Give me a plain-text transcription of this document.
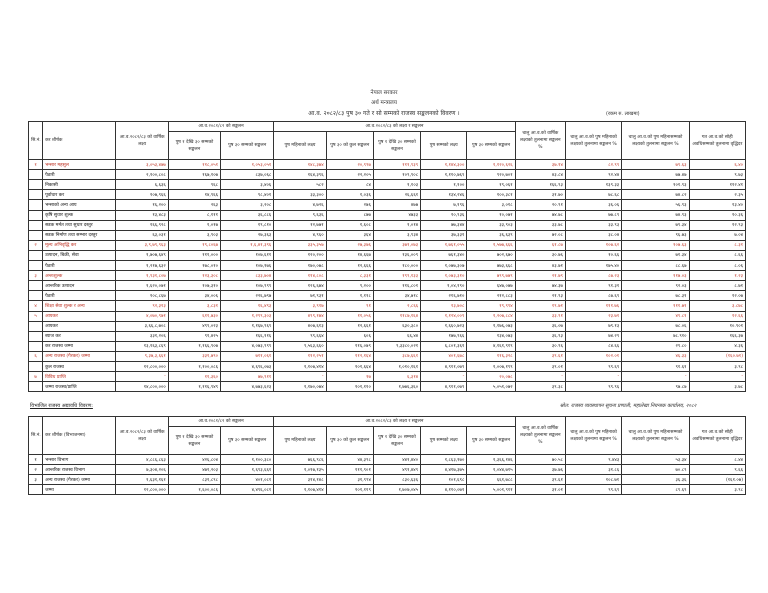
नेपाल सरकार
अर्थ मन्त्रालय
आ.व. २०८२/८३ पुष ३० गते र सो सम्मको राजस्व सङ्कलनको विवरण ।	(रकम रु. लाखमा)
सि.नं.	कर शीर्षक	आ.व.२०८२/८३ को वार्षिक लक्ष्य	आ.व.२०८१/८२ को सङ्कलन		आ.व.२०८२/८३ को लक्ष्य र सङ्कलन					चालु आ.व.को वार्षिक लक्ष्यको तुलनामा सङ्कलन %	चालु आ.व.को पुष महिनाको लक्ष्यको तुलनामा सङ्कलन %	चालु आ.व.को पुष महिनासम्मको लक्ष्यको तुलनामा सङ्कलन %	गत आ.व.को सोही अवधिसम्मको तुलनामा वृद्धिदर
			पुष १ देखि ३० सम्मको सङ्कलन	पुष ३० सम्मको सङ्कलन	पुष महिनाको लक्ष्य	पुष ३० को कुल सङ्कलन	पुष १ देखि ३० सम्मको सङ्कलन	पुष सम्मको लक्ष्य	पुष ३० सम्मको सङ्कलन				
१	भन्सार महसुल	३,०५३,४७७	११८,०५१	१,०५३,०५१	१४८,३७४	२०,९९७	१११,९३९	१,१४४,३००	१,१२०,६२६	३७.१४	८२.९९	७९.६३	६.४०
	पैठारी	२,१००,८०८	१६७,१०७	८३७,०६८	१६४,३९६	२२,२०५	१०९,९०८	१,११०,७६९	९२०,७०१	४३.८४	९२.४४	७७.४७	९.७३
	निकासी	६,६३६	९६८	३,४०६	५८२	८४	१,१०३	१,१००	१९,०६१	१६६.९३	१३९.३३	१०१.९३	११२.४१
	पूर्वाधार कर	१०७,९६६	१४,९६६	९८,४०१	३३,३००	१,०३६	२६,६६१	१३४,२४६	१००,३८१	३१.७०	७८.६८	७४.८२	२.३५
	भन्साको अन्य आय	१६,२००	२६३	३,२०८	४,७२६	२७६	४७७	७,१९६	३,०१८	२०.९१	३६.०६	५६.९३	१३.४०
	कृषि सुधार शुल्क	१३,४८३	८,१११	३६,८८६	९,६३६	८७७	४७३३	१०,९३६	१०,०७१	७४.७८	७७.८९	७४.९३	१०.३६
	सडक मर्मत तथा सुधार दस्तुर	१६६,९२८	१,०१७	१९,८१०	१२,७७१	१,६०८	१,०१४	७७,३४४	३३,९०३	३३.७८	३३.९३	७९.३४	१२.९३
	सडक निर्माण तथा सम्भार दस्तुर	६३,०३१	३,९०३	२७,३६३	४,९६०	३६४	३,९३४	३७,३३१	३६,६३९	७२.०८	३८.०४	९६.७३	७.०४
२	मूल्य अभिवृद्धि कर	३,९,७९,९६३	१९,८०६७	१,६,४१,३९६	३३५,३५७	२७,३७६	३७१,०७३	१,७६१,०५५	१,५७७,६६६	६१.८७	१०७.६२	१०७.६३	८.३१
	उत्पादन, बिक्री, सेवा	१,७०७,६४९	१११,०००	१०७,६११	१२०,२००	१४,६६७	१३६,००९	७६१,३४०	७०२,६७०	३०.७६	१०.६६	७१.३४	८.६६
	पैठारी	१,२१७,६३२	१७८,०१०	१०७,१७६	१७०,०७८	१२,६६६	१८०,०००	१,०७७,३०७	७७३,६६८	४३.७१	१७५.४०	८८.६७	८.०६
३	अन्तःशुल्क	१,९३१,८०७	१२३,३०८	८३३,७०४	११४,८०८	८,३३१	१९९,१३३	१,०७३,३१०	७९९,७७९	२१.७९	८७.२३	११७.०३	१.२३
	आन्तरिक उत्पादन	१,६२०,०७१	१०७,३१०	१०७,९९९	१२६,६७४	९,२००	११६,८०१	१,०४,१९०	६४७,०७७	७४.३७	९१.३१	९२.०३	८.७१
	पैठारी	१०८,८६७	३४,००६	२२६,७९७	७१,९३१	१,११८	३४,७१८	२१६,७१०	२१२,८८३	२१.९३	८७.६९	७८.३१	१२.०७
४	शिक्षा सेवा शुल्क र अन्य	९२,३१३	३,८३१	१६,४९३	३,९१७	९१	२,८६६	१३,७०८	१९,९९४	१९.७१	१११.७६	१११.७१	३.८७८
५	आयकर	४,०७०,९७१	६११,७३०	१,२९९,३०३	४९९,१७४	११,०५६	११८७,१६४	१,१२४,००९	१,२०७,८८४	३३.९१	२३.७१	४९.८१	१२.६६
	आयकर	३,६६,८,७०८	४९९,०२३	१,१६७,९६९	४०७,६१३	१२,६६१	६३०,३८०	१,६६०,७२३	१,१७६,०७३	३६.०७	७९.१३	७८.०६	१०.९०१
	ब्याज कर	३३१,२०६	९१,४२५	१६६,११६	९९,६६४	६०६	६६,४४	१७७,९६६	१३४,०७३	३६.९३	७४.२९	७८.९१०	१६६.३७
	कर राजस्व जम्मा	१३,१६३,८६९	१,१६६,९०७	४,०७३,९९९	९,५६३,६६०	११६,०७९	९,३३८०,०२१	६,८०१,३६१	४,१६१,९१९	३०.९६	८४.६६	२९.८०	४.३६
६	अन्य राजस्व (गैरकर) जम्मा	९,३७,३,६६१	३३१,७९०	७११,०६१	११२,२५१	११२,१६४	३८७,६६१	४०१,६७८	११६,३२८	३९.६१	१०२.०१	४६.३३	(१६०.७१)
	कुल राजस्व	१२,८००,०००	१,१००,०८६	४,६९६,०७३	१,१०७,४१४	१०१,६६४	१,०१०,१६१	४,९११,०७९	१,००७,१९९	३९.०१	९९.६९	९१.६१	३.९८
७	विविध प्राप्ति	-	११,३६०	७७,९११	-	१७	६,३१४	-	२०,०७८	-	-	-	-
	जम्मा राजस्व/प्राप्ति	१४,८००,०००	१,११६,९४९	४,७७३,६२३	१,१७०,०७४	१०१,११०	१,७७६,३६०	४,९११,०७९	५,०५१,०७२	३९.३८	९९.९६	९७.८७	३.७८
विभाजित राजस्व अद्यावधि विवरण:	स्रोत: राजस्व व्यवस्थापन सूचना प्रणाली, महालेखा नियन्त्रक कार्यालय, २०८२
सि.नं.	कर शीर्षक (विभाजनमा)	आ.व.२०८२/८३ को वार्षिक लक्ष्य	आ.व.२०८१/८२ को सङ्कलन		आ.व.२०८२/८३ को लक्ष्य र सङ्कलन					चालु आ.व.को वार्षिक लक्ष्यको तुलनामा सङ्कलन %	चालु आ.व.को पुष महिनाको लक्ष्यको तुलनामा सङ्कलन %	चालु आ.व.को पुष महिनासम्मको लक्ष्यको तुलनामा सङ्कलन %	गत आ.व.को सोही अवधिसम्मको तुलनामा वृद्धिदर
			पुष १ देखि ३० सम्मको सङ्कलन	पुष ३० सम्मको सङ्कलन	पुष महिनाको लक्ष्य	पुष ३० को कुल सङ्कलन	पुष १ देखि ३० सम्मको सङ्कलन	पुष सम्मको लक्ष्य	पुष ३० सम्मको सङ्कलन				
१	भन्सार विभाग	४,८८६,८६३	४२६,८०४	१,१००,३८०	७६६,९८६	४४,३९८	४४१,४४०	१,८६३,१७०	१,३६६,१४६	७०.५८	९.४४३	५३.३४	८.४४
२	आन्तरिक राजस्व विभाग	७,३०४,२०६	४७१,२०३	१,६९३,६६१	१,०१७,१३५	१११,९०१	४९१,४४९	४,४१७,३७५	१,०४४,७१५	३७.७६	३१.८६	७०.८९	९.६६
३	अन्य राजस्व (गैरकर) जम्मा	१,६३१,१६१	८३१,८९८	४०१,०८१	३१४,१४८	३१,९९४	८३०,६३६	१०१,६९८	६६१,७८८	३९.६१	१०८.७१	३६.३६	(१६१.०७)
	जम्मा	१२,८००,०००	१,६००,०८६	४,४९६,०८१	१,१०७,४१४	१०१,११९	१,७०७,०४५	४,११०,०७१	५,००१,९११	३१.०१	९९.६९	८९.६९	३.९८
